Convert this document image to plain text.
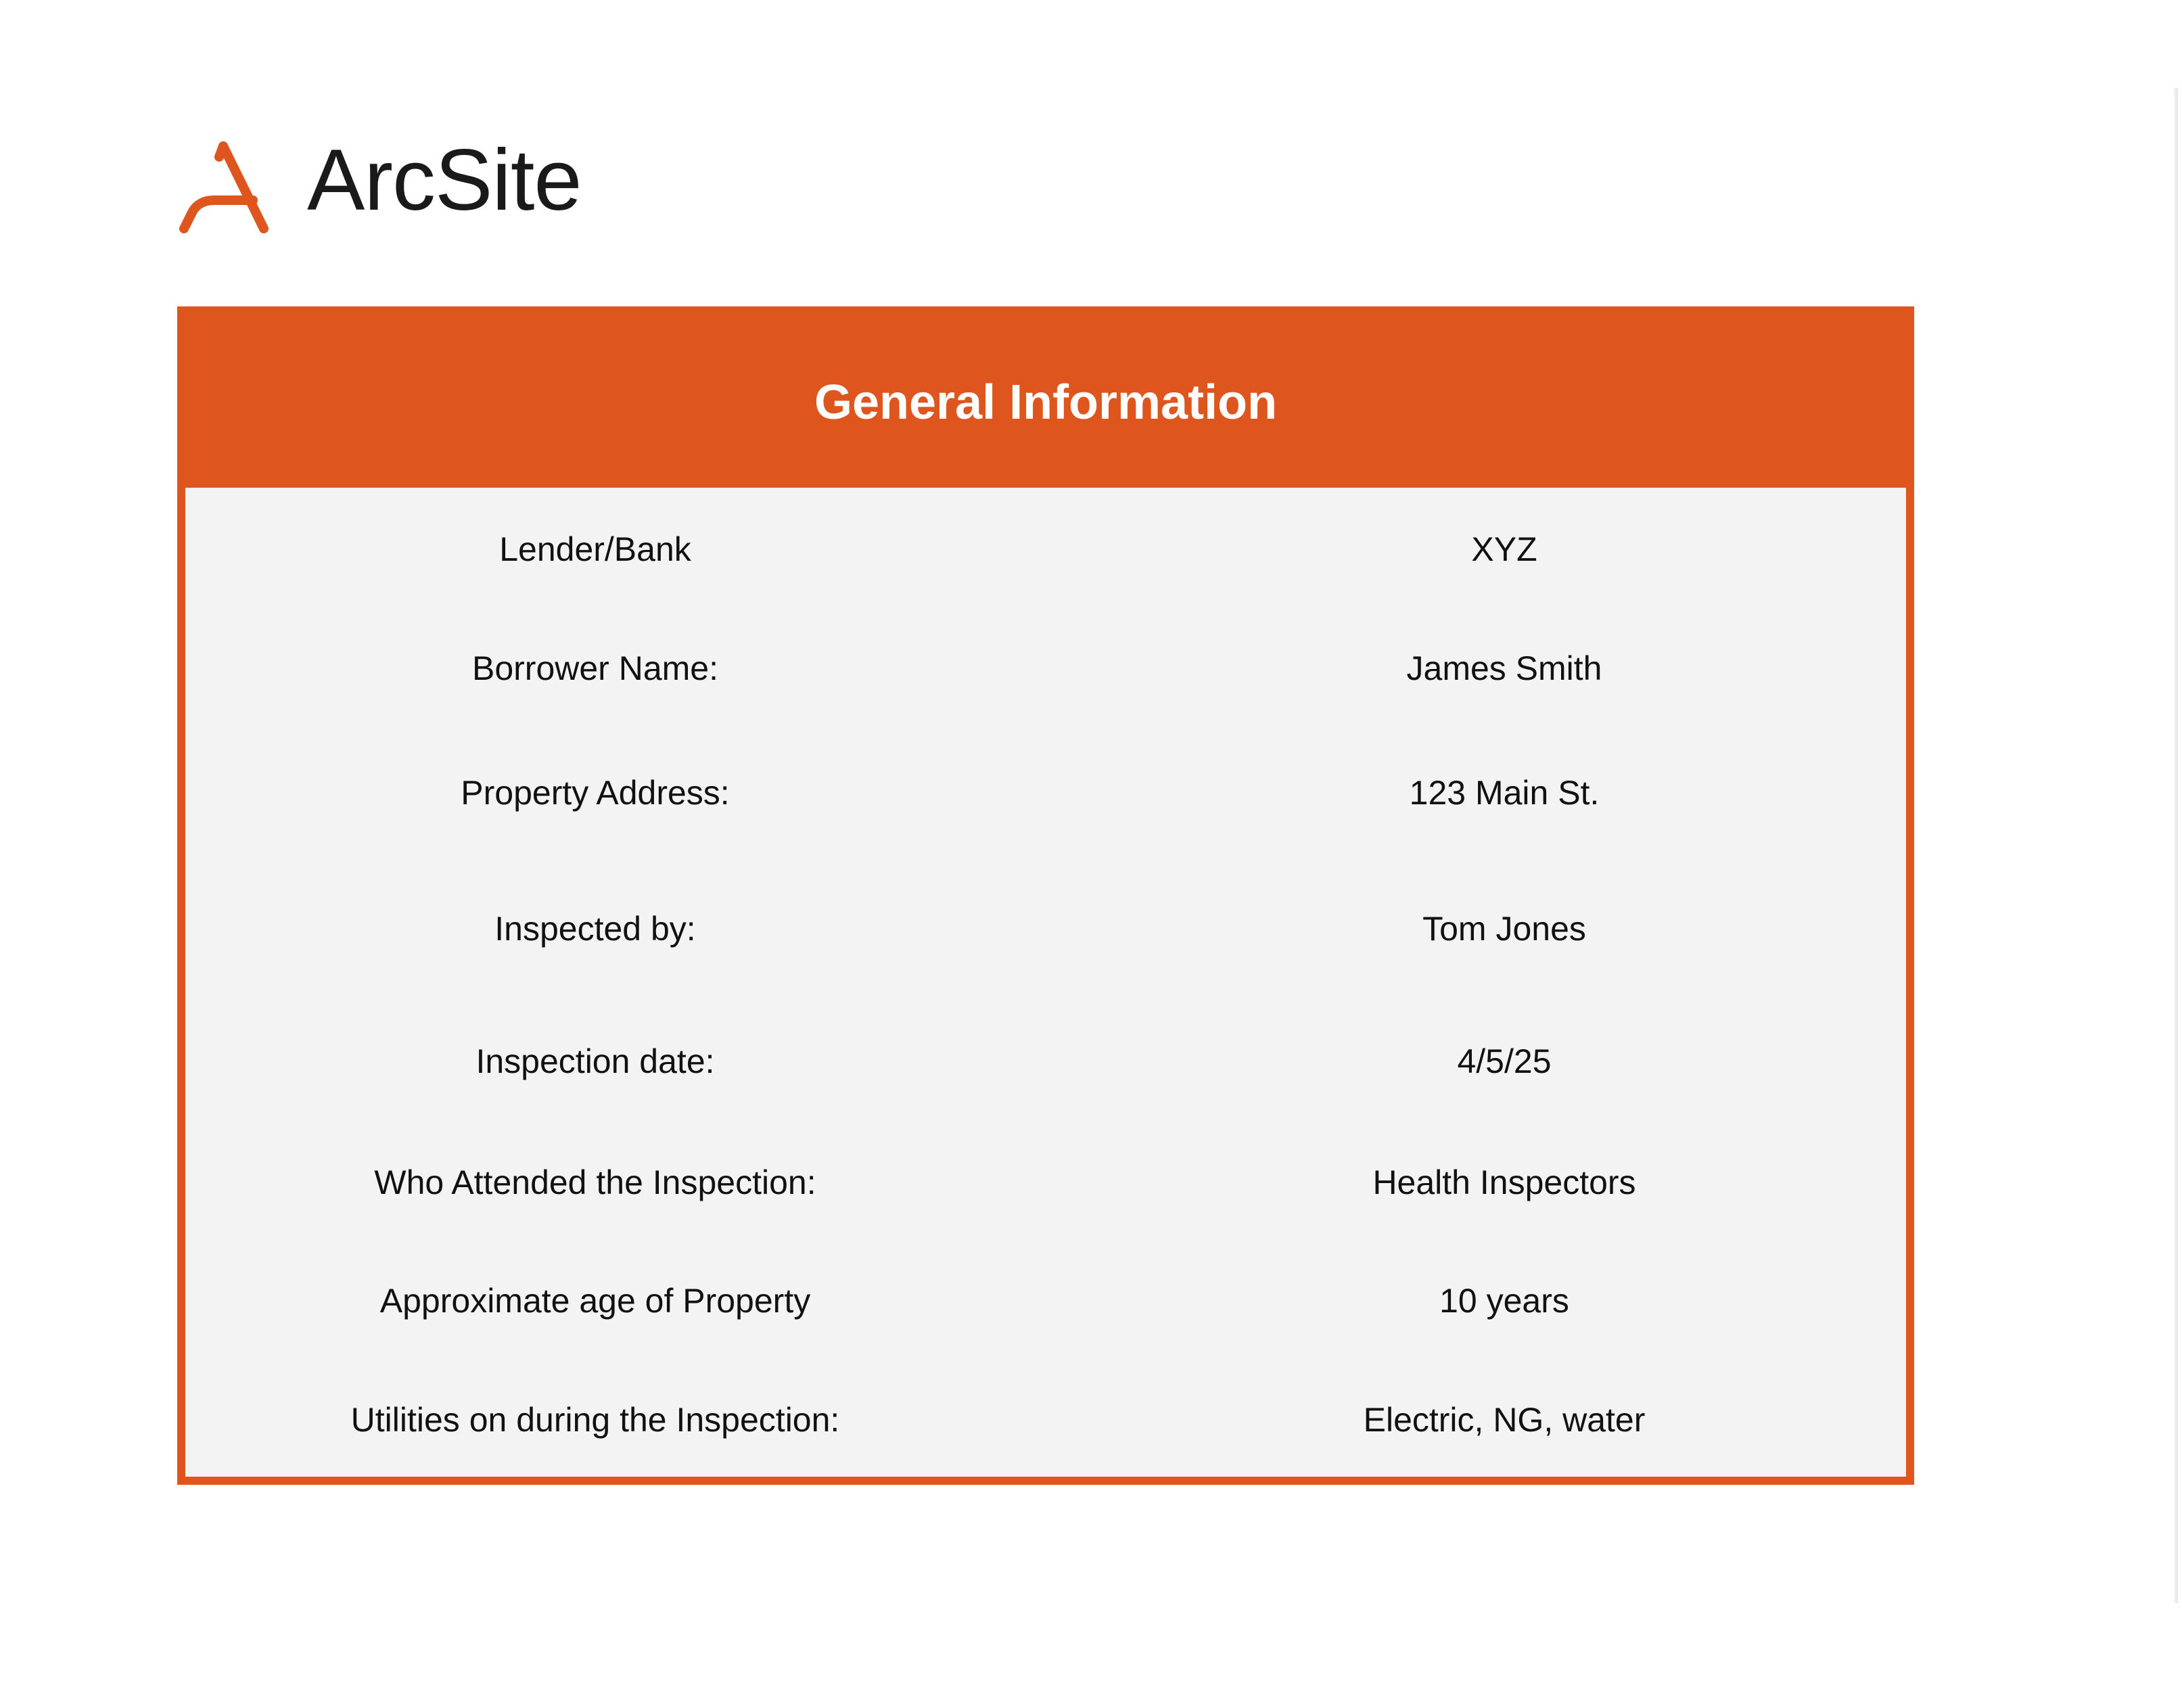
ArcSite
General Information
Lender/Bank	XYZ
Borrower Name:	James Smith
Property Address:	123 Main St.
Inspected by:	Tom Jones
Inspection date:	4/5/25
Who Attended the Inspection:	Health Inspectors
Approximate age of Property	10 years
Utilities on during the Inspection:	Electric, NG, water
